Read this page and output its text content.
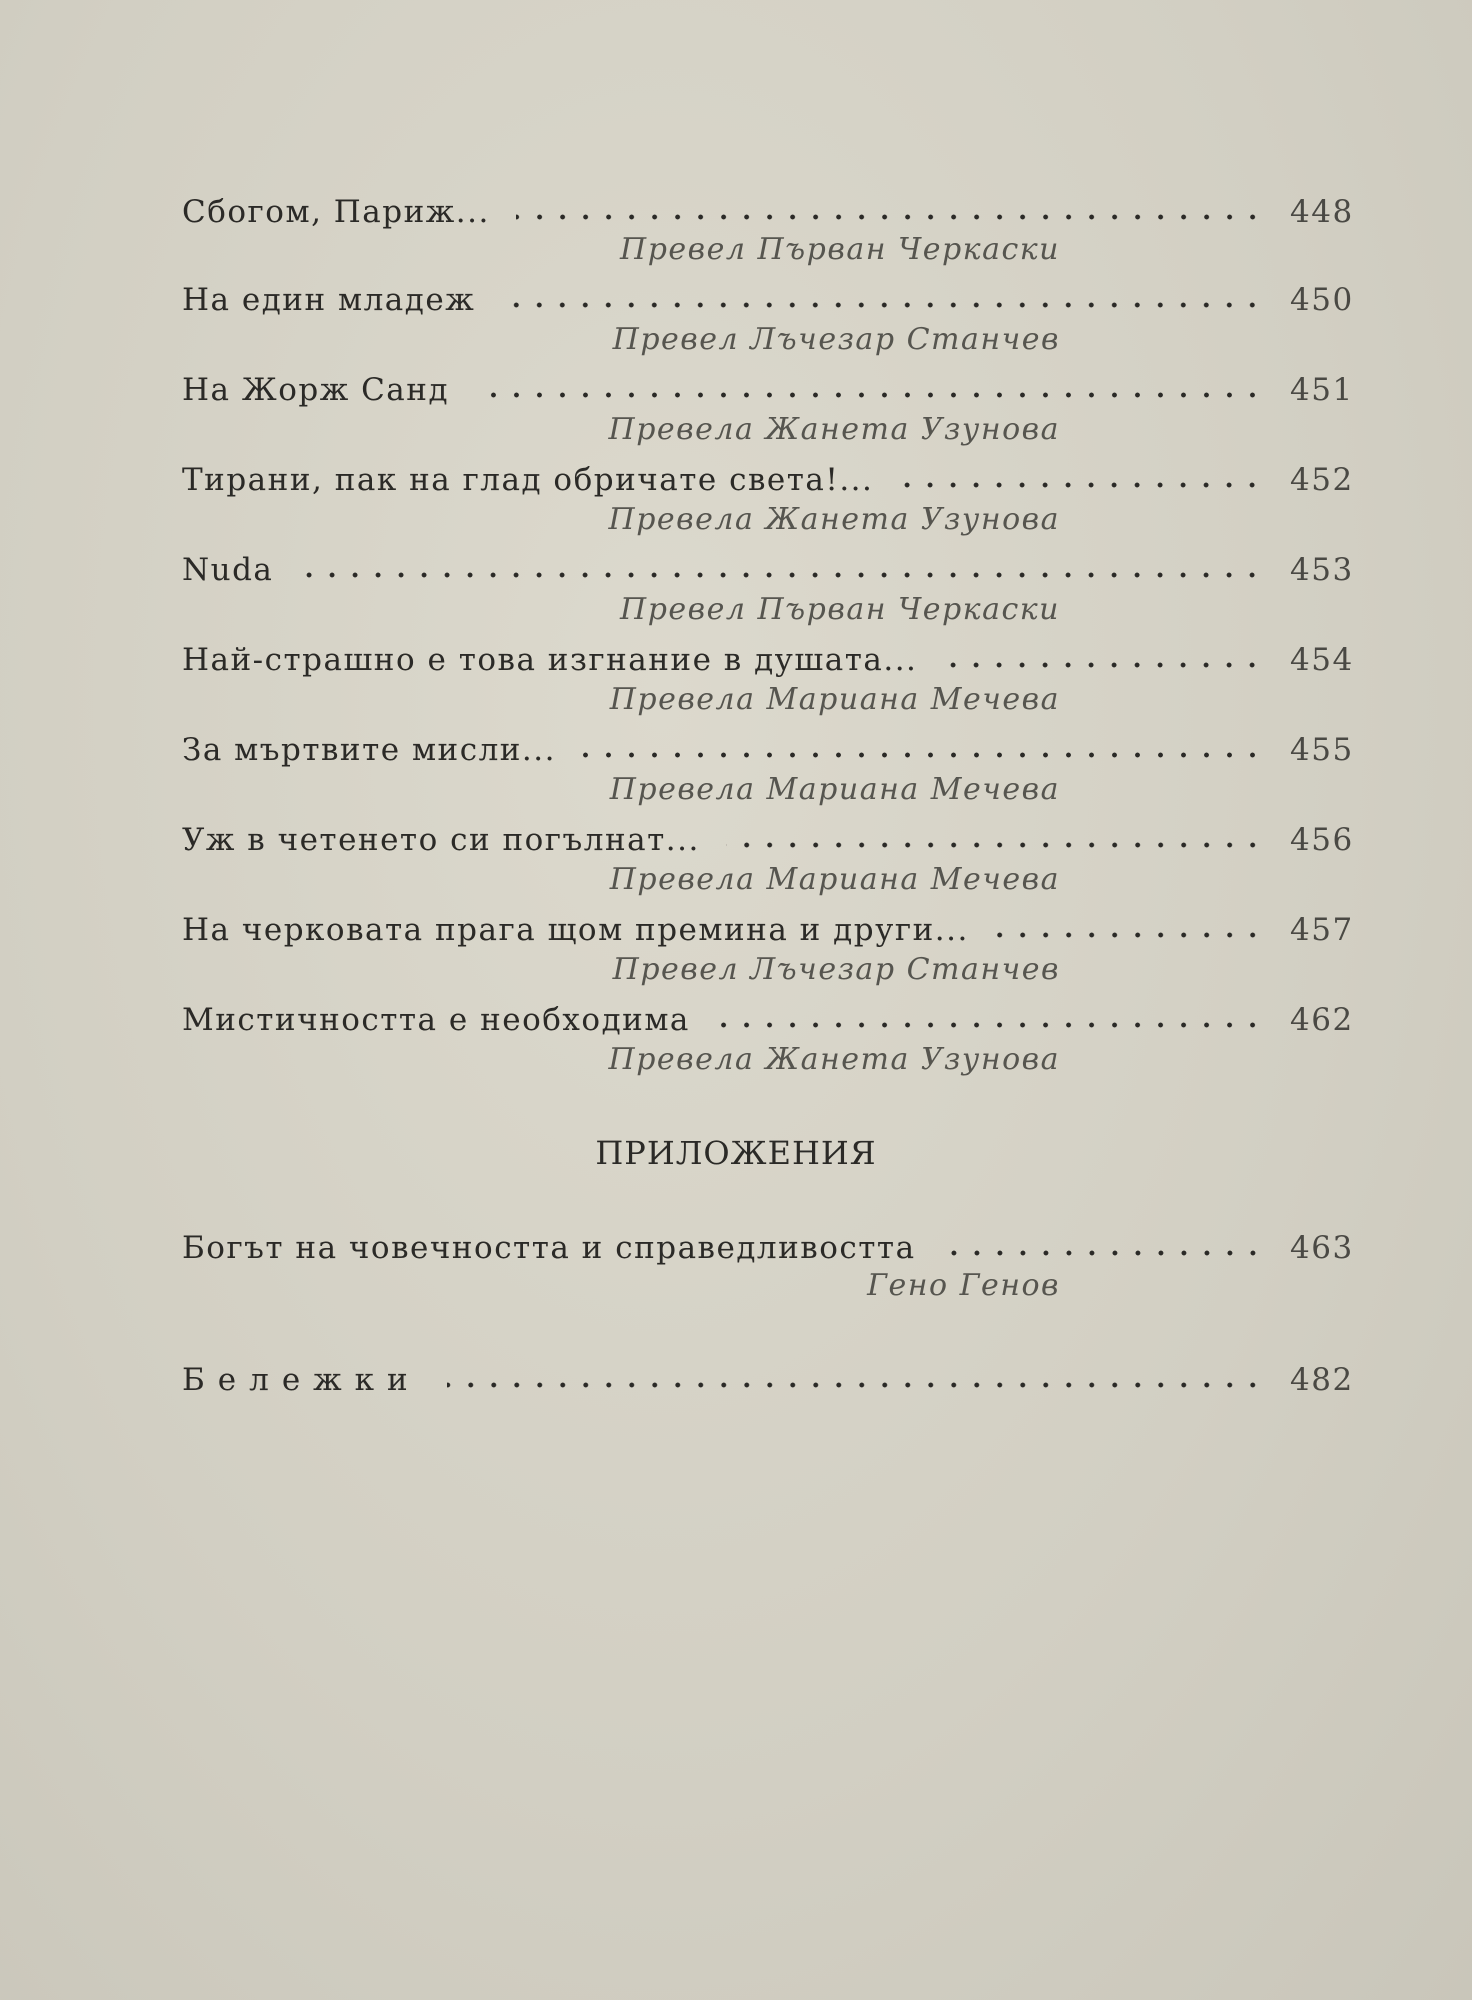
Сбогом, Париж...	448
Превел Първан Черкаски
На един младеж	450
Превел Лъчезар Станчев
На Жорж Санд	451
Превела Жанета Узунова
Тирани, пак на глад обричате света!...	452
Превела Жанета Узунова
Nuda	453
Превел Първан Черкаски
Най-страшно е това изгнание в душата...	454
Превела Мариана Мечева
За мъртвите мисли...	455
Превела Мариана Мечева
Уж в четенето си погълнат...	456
Превела Мариана Мечева
На черковата прага щом премина и други...	457
Превел Лъчезар Станчев
Мистичността е необходима	462
Превела Жанета Узунова
ПРИЛОЖЕНИЯ
Богът на човечността и справедливостта	463
Гено Генов
Бележки	482
